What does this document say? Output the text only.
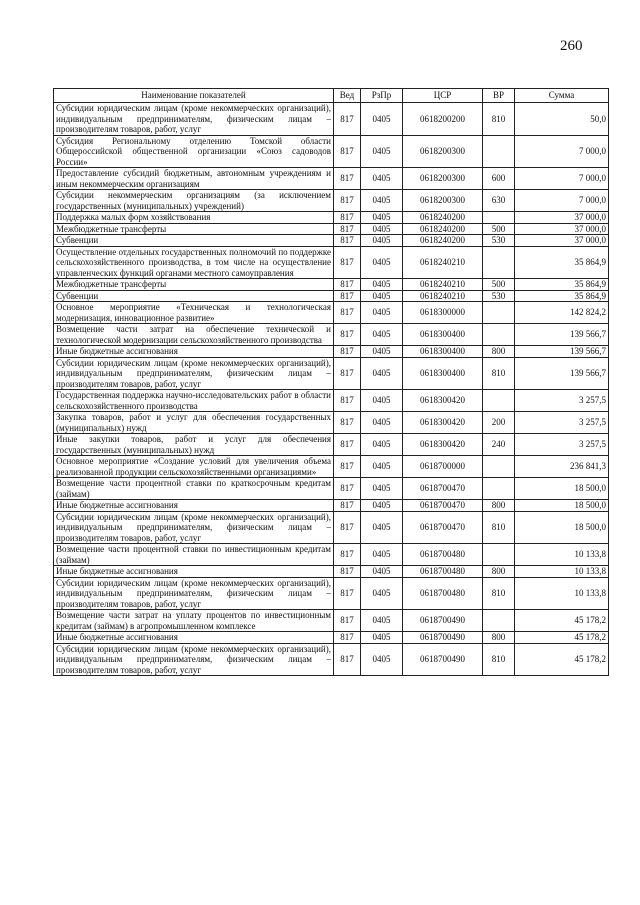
260
Наименование показателей	Вед	РзПр	ЦСР	ВР	Сумма
Субсидии юридическим лицам (кроме некоммерческих организаций), индивидуальным предпринимателям, физическим лицам – производителям товаров, работ, услуг	817	0405	0618200200	810	50,0
Субсидия Региональному отделению Томской области Общероссийской общественной организации «Союз садоводов России»	817	0405	0618200300		7 000,0
Предоставление субсидий бюджетным, автономным учреждениям и иным некоммерческим организациям	817	0405	0618200300	600	7 000,0
Субсидии некоммерческим организациям (за исключением государственных (муниципальных) учреждений)	817	0405	0618200300	630	7 000,0
Поддержка малых форм хозяйствования	817	0405	0618240200		37 000,0
Межбюджетные трансферты	817	0405	0618240200	500	37 000,0
Субвенции	817	0405	0618240200	530	37 000,0
Осуществление отдельных государственных полномочий по поддержке сельскохозяйственного производства, в том числе на осуществление управленческих функций органами местного самоуправления	817	0405	0618240210		35 864,9
Межбюджетные трансферты	817	0405	0618240210	500	35 864,9
Субвенции	817	0405	0618240210	530	35 864,9
Основное мероприятие «Техническая и технологическая модернизация, инновационное развитие»	817	0405	0618300000		142 824,2
Возмещение части затрат на обеспечение технической и технологической модернизации сельскохозяйственного производства	817	0405	0618300400		139 566,7
Иные бюджетные ассигнования	817	0405	0618300400	800	139 566,7
Субсидии юридическим лицам (кроме некоммерческих организаций), индивидуальным предпринимателям, физическим лицам – производителям товаров, работ, услуг	817	0405	0618300400	810	139 566,7
Государственная поддержка научно-исследовательских работ в области сельскохозяйственного производства	817	0405	0618300420		3 257,5
Закупка товаров, работ и услуг для обеспечения государственных (муниципальных) нужд	817	0405	0618300420	200	3 257,5
Иные закупки товаров, работ и услуг для обеспечения государственных (муниципальных) нужд	817	0405	0618300420	240	3 257,5
Основное мероприятие «Создание условий для увеличения объема реализованной продукции сельскохозяйственными организациями»	817	0405	0618700000		236 841,3
Возмещение части процентной ставки по краткосрочным кредитам (займам)	817	0405	0618700470		18 500,0
Иные бюджетные ассигнования	817	0405	0618700470	800	18 500,0
Субсидии юридическим лицам (кроме некоммерческих организаций), индивидуальным предпринимателям, физическим лицам – производителям товаров, работ, услуг	817	0405	0618700470	810	18 500,0
Возмещение части процентной ставки по инвестиционным кредитам (займам)	817	0405	0618700480		10 133,8
Иные бюджетные ассигнования	817	0405	0618700480	800	10 133,8
Субсидии юридическим лицам (кроме некоммерческих организаций), индивидуальным предпринимателям, физическим лицам – производителям товаров, работ, услуг	817	0405	0618700480	810	10 133,8
Возмещение части затрат на уплату процентов по инвестиционным кредитам (займам) в агропромышленном комплексе	817	0405	0618700490		45 178,2
Иные бюджетные ассигнования	817	0405	0618700490	800	45 178,2
Субсидии юридическим лицам (кроме некоммерческих организаций), индивидуальным предпринимателям, физическим лицам – производителям товаров, работ, услуг	817	0405	0618700490	810	45 178,2
